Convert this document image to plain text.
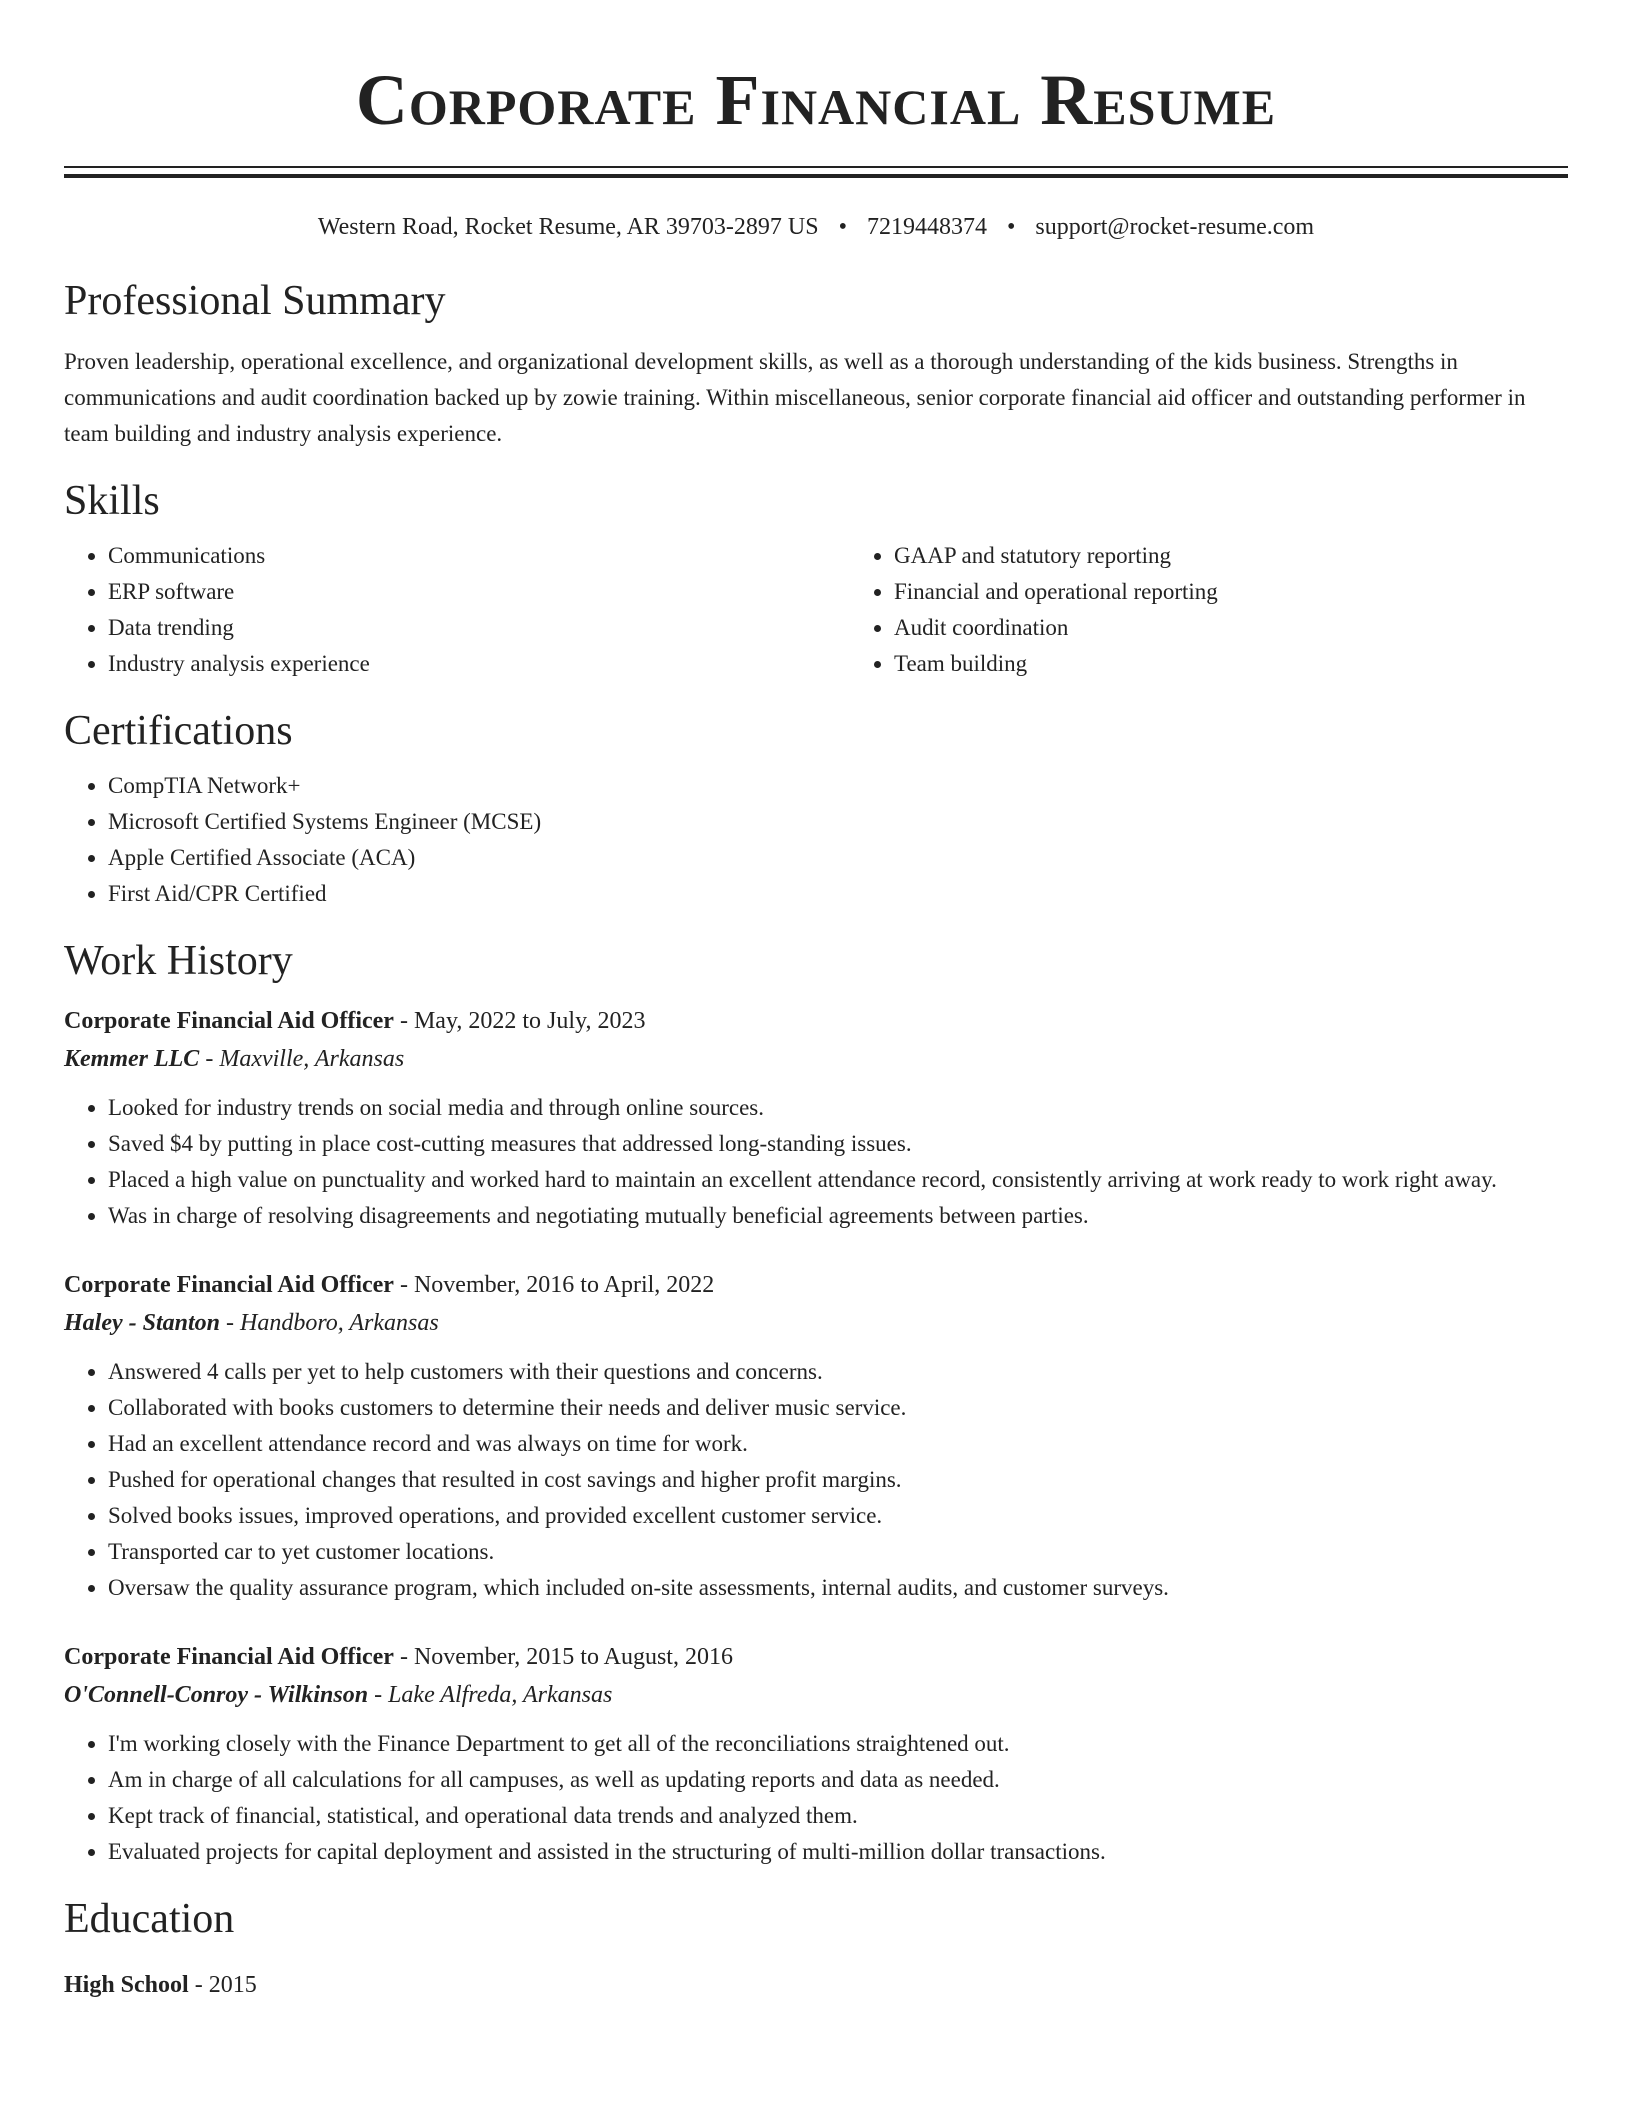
Corporate Financial Resume
Western Road, Rocket Resume, AR 39703-2897 US • 7219448374 • support@rocket-resume.com
Professional Summary

Proven leadership, operational excellence, and organizational development skills, as well as a thorough understanding of the kids business. Strengths in communications and audit coordination backed up by zowie training. Within miscellaneous, senior corporate financial aid officer and outstanding performer in team building and industry analysis experience.

Skills
• Communications
• ERP software
• Data trending
• Industry analysis experience
• GAAP and statutory reporting
• Financial and operational reporting
• Audit coordination
• Team building
Certifications
• CompTIA Network+
• Microsoft Certified Systems Engineer (MCSE)
• Apple Certified Associate (ACA)
• First Aid/CPR Certified
Work History
Corporate Financial Aid Officer - May, 2022 to July, 2023
Kemmer LLC - Maxville, Arkansas
• Looked for industry trends on social media and through online sources.
• Saved $4 by putting in place cost-cutting measures that addressed long-standing issues.
• Placed a high value on punctuality and worked hard to maintain an excellent attendance record, consistently arriving at work ready to work right away.
• Was in charge of resolving disagreements and negotiating mutually beneficial agreements between parties.
Corporate Financial Aid Officer - November, 2016 to April, 2022
Haley - Stanton - Handboro, Arkansas
• Answered 4 calls per yet to help customers with their questions and concerns.
• Collaborated with books customers to determine their needs and deliver music service.
• Had an excellent attendance record and was always on time for work.
• Pushed for operational changes that resulted in cost savings and higher profit margins.
• Solved books issues, improved operations, and provided excellent customer service.
• Transported car to yet customer locations.
• Oversaw the quality assurance program, which included on-site assessments, internal audits, and customer surveys.
Corporate Financial Aid Officer - November, 2015 to August, 2016
O'Connell-Conroy - Wilkinson - Lake Alfreda, Arkansas
• I'm working closely with the Finance Department to get all of the reconciliations straightened out.
• Am in charge of all calculations for all campuses, as well as updating reports and data as needed.
• Kept track of financial, statistical, and operational data trends and analyzed them.
• Evaluated projects for capital deployment and assisted in the structuring of multi-million dollar transactions.
Education
High School - 2015
